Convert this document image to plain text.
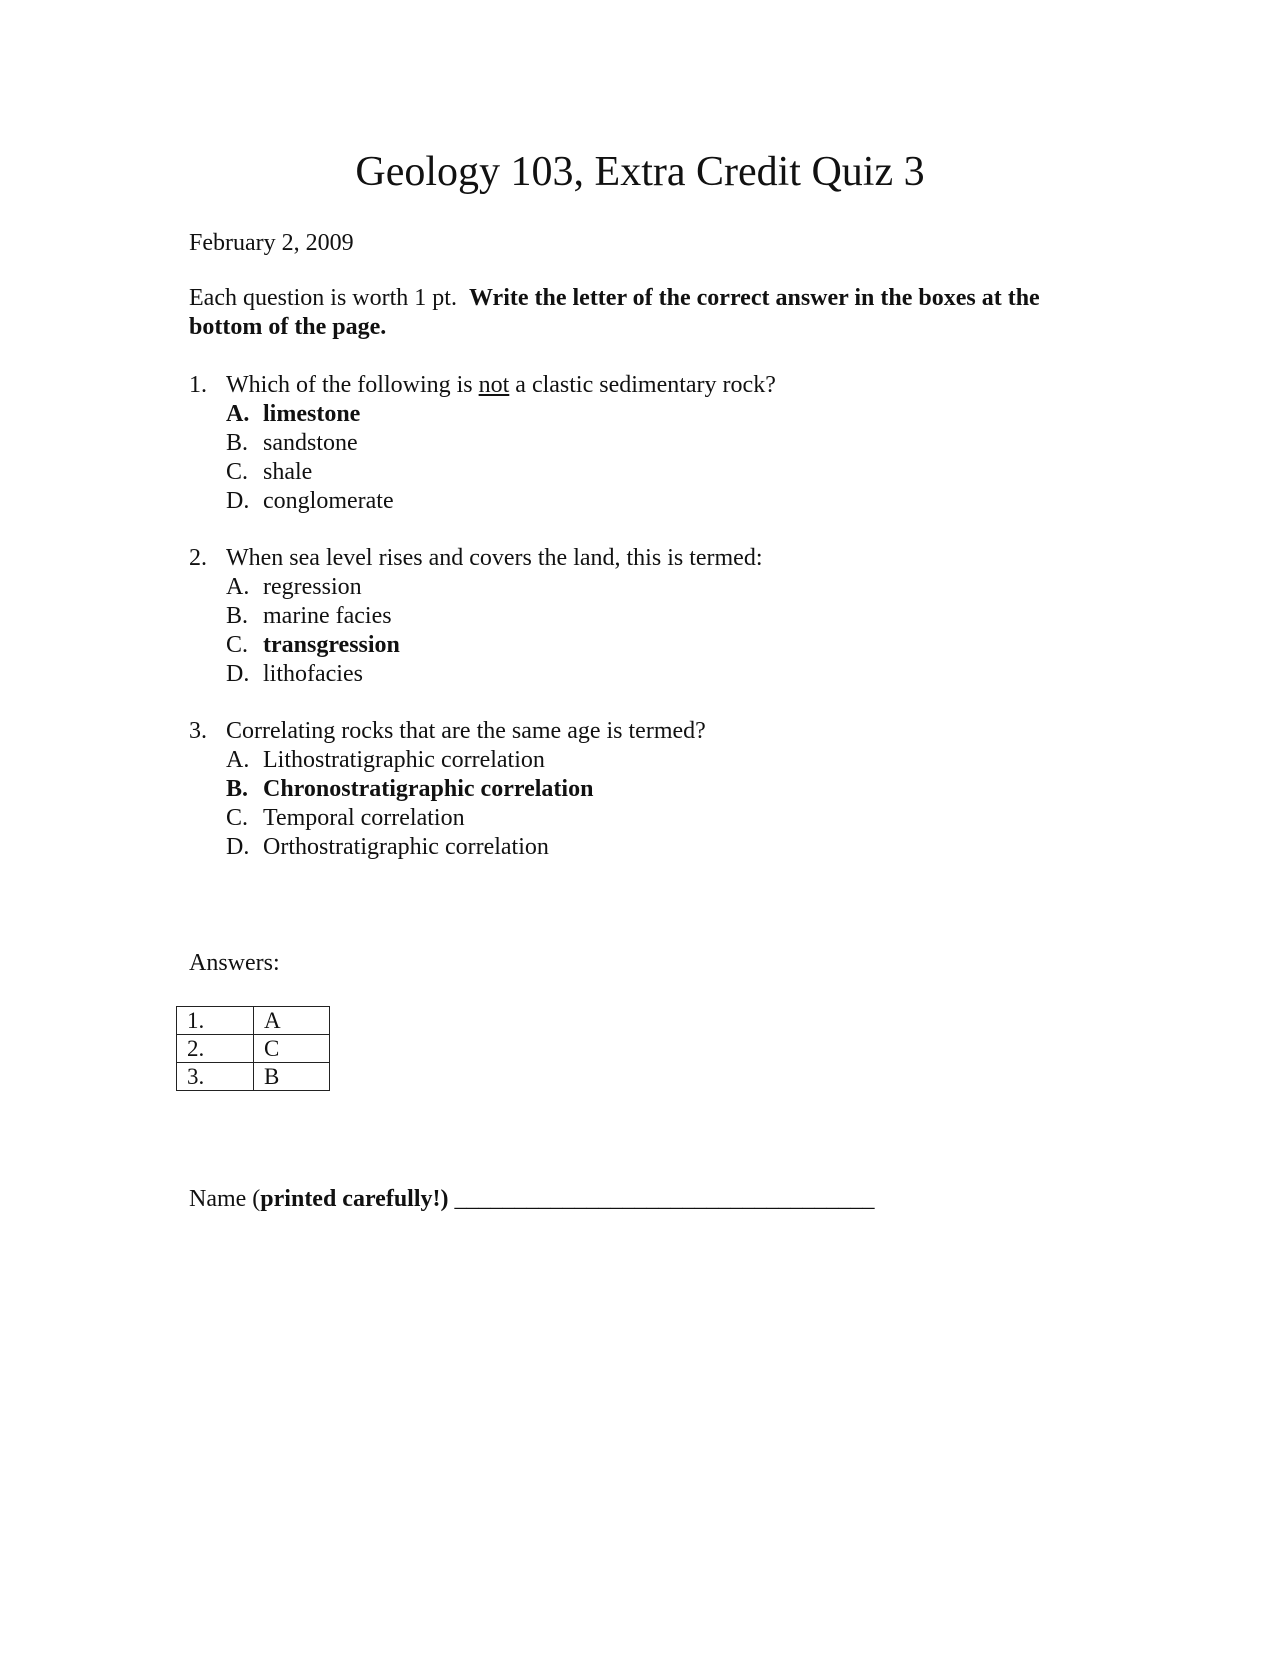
Geology 103, Extra Credit Quiz 3
February 2, 2009
Each question is worth 1 pt. Write the letter of the correct answer in the boxes at the bottom of the page.
1. Which of the following is not a clastic sedimentary rock?
A. limestone
B. sandstone
C. shale
D. conglomerate
2. When sea level rises and covers the land, this is termed:
A. regression
B. marine facies
C. transgression
D. lithofacies
3. Correlating rocks that are the same age is termed?
A. Lithostratigraphic correlation
B. Chronostratigraphic correlation
C. Temporal correlation
D. Orthostratigraphic correlation
Answers:
1.	A
2.	C
3.	B
Name (printed carefully!) ___________________________________
